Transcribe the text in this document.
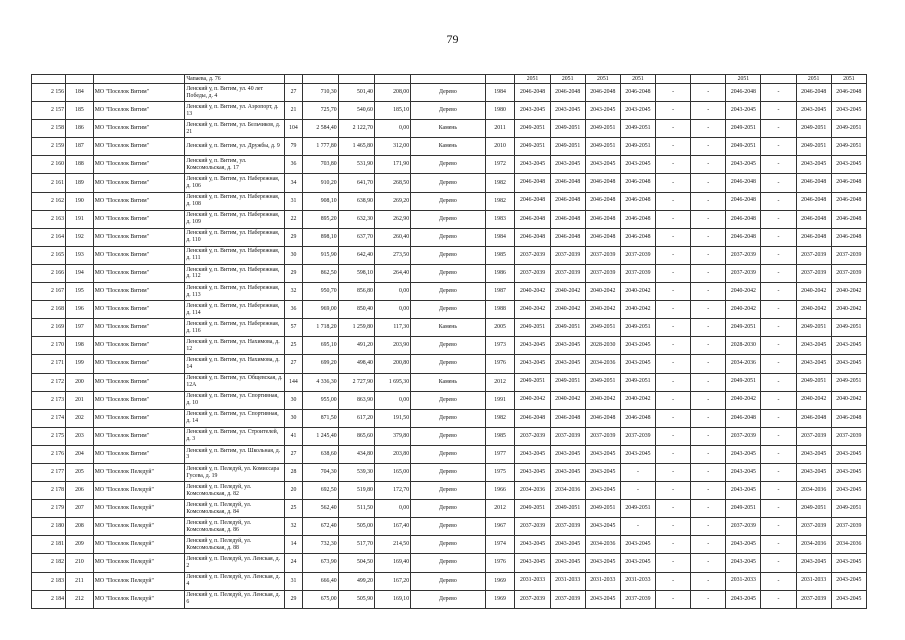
79
			Чапаева, д. 76							2051	2051	2051	2051			2051		2051	2051
2 156	184	МО "Поселок Витим"	Ленский у, п. Витим, ул. 40 лет Победы, д. 4	27	710,30	501,40	208,00	Дерево	1984	2046-2048	2046-2048	2046-2048	2046-2048	-	-	2046-2048	-	2046-2048	2046-2048
2 157	185	МО "Поселок Витим"	Ленский у, п. Витим, ул. Аэропорт, д. 13	21	725,70	540,60	185,10	Дерево	1980	2043-2045	2043-2045	2043-2045	2043-2045	-	-	2043-2045	-	2043-2045	2043-2045
2 158	186	МО "Поселок Витим"	Ленский у, п. Витим, ул. Бельчиков, д. 21	104	2 584,40	2 122,70	0,00	Камень	2011	2049-2051	2049-2051	2049-2051	2049-2051	-	-	2049-2051	-	2049-2051	2049-2051
2 159	187	МО "Поселок Витим"	Ленский у, п. Витим, ул. Дружбы, д. 9	79	1 777,80	1 465,80	312,00	Камень	2010	2049-2051	2049-2051	2049-2051	2049-2051	-	-	2049-2051	-	2049-2051	2049-2051
2 160	188	МО "Поселок Витим"	Ленский у, п. Витим, ул. Комсомольская, д. 17	36	703,80	531,90	171,90	Дерево	1972	2043-2045	2043-2045	2043-2045	2043-2045	-	-	2043-2045	-	2043-2045	2043-2045
2 161	189	МО "Поселок Витим"	Ленский у, п. Витим, ул. Набережная, д. 106	34	910,20	641,70	268,50	Дерево	1982	2046-2048	2046-2048	2046-2048	2046-2048	-	-	2046-2048	-	2046-2048	2046-2048
2 162	190	МО "Поселок Витим"	Ленский у, п. Витим, ул. Набережная, д. 108	31	908,10	638,90	269,20	Дерево	1982	2046-2048	2046-2048	2046-2048	2046-2048	-	-	2046-2048	-	2046-2048	2046-2048
2 163	191	МО "Поселок Витим"	Ленский у, п. Витим, ул. Набережная, д. 109	22	895,20	632,30	262,90	Дерево	1983	2046-2048	2046-2048	2046-2048	2046-2048	-	-	2046-2048	-	2046-2048	2046-2048
2 164	192	МО "Поселок Витим"	Ленский у, п. Витим, ул. Набережная, д. 110	29	898,10	637,70	260,40	Дерево	1984	2046-2048	2046-2048	2046-2048	2046-2048	-	-	2046-2048	-	2046-2048	2046-2048
2 165	193	МО "Поселок Витим"	Ленский у, п. Витим, ул. Набережная, д. 111	30	915,90	642,40	273,50	Дерево	1985	2037-2039	2037-2039	2037-2039	2037-2039	-	-	2037-2039	-	2037-2039	2037-2039
2 166	194	МО "Поселок Витим"	Ленский у, п. Витим, ул. Набережная, д. 112	29	862,50	598,10	264,40	Дерево	1986	2037-2039	2037-2039	2037-2039	2037-2039	-	-	2037-2039	-	2037-2039	2037-2039
2 167	195	МО "Поселок Витим"	Ленский у, п. Витим, ул. Набережная, д. 113	32	950,70	856,80	0,00	Дерево	1987	2040-2042	2040-2042	2040-2042	2040-2042	-	-	2040-2042	-	2040-2042	2040-2042
2 168	196	МО "Поселок Витим"	Ленский у, п. Витим, ул. Набережная, д. 114	36	969,00	850,40	0,00	Дерево	1988	2040-2042	2040-2042	2040-2042	2040-2042	-	-	2040-2042	-	2040-2042	2040-2042
2 169	197	МО "Поселок Витим"	Ленский у, п. Витим, ул. Набережная, д. 116	57	1 718,20	1 259,80	117,30	Камень	2005	2049-2051	2049-2051	2049-2051	2049-2051	-	-	2049-2051	-	2049-2051	2049-2051
2 170	198	МО "Поселок Витим"	Ленский у, п. Витим, ул. Нахимова, д. 12	25	695,10	491,20	203,90	Дерево	1973	2043-2045	2043-2045	2028-2030	2043-2045	-	-	2028-2030	-	2043-2045	2043-2045
2 171	199	МО "Поселок Витим"	Ленский у, п. Витим, ул. Нахимова, д. 14	27	699,20	498,40	200,80	Дерево	1976	2043-2045	2043-2045	2034-2036	2043-2045	-	-	2034-2036	-	2043-2045	2043-2045
2 172	200	МО "Поселок Витим"	Ленский у, п. Витим, ул. Общевская, д. 12А	144	4 336,30	2 727,90	1 695,30	Камень	2012	2049-2051	2049-2051	2049-2051	2049-2051	-	-	2049-2051	-	2049-2051	2049-2051
2 173	201	МО "Поселок Витим"	Ленский у, п. Витим, ул. Спортивная, д. 10	30	955,00	863,90	0,00	Дерево	1991	2040-2042	2040-2042	2040-2042	2040-2042	-	-	2040-2042	-	2040-2042	2040-2042
2 174	202	МО "Поселок Витим"	Ленский у, п. Витим, ул. Спортивная, д. 14	30	871,50	617,20	191,50	Дерево	1982	2046-2048	2046-2048	2046-2048	2046-2048	-	-	2046-2048	-	2046-2048	2046-2048
2 175	203	МО "Поселок Витим"	Ленский у, п. Витим, ул. Строителей, д. 3	41	1 245,40	865,60	379,80	Дерево	1985	2037-2039	2037-2039	2037-2039	2037-2039	-	-	2037-2039	-	2037-2039	2037-2039
2 176	204	МО "Поселок Витим"	Ленский у, п. Витим, ул. Школьная, д. 3	27	638,60	434,80	203,80	Дерево	1977	2043-2045	2043-2045	2043-2045	2043-2045	-	-	2043-2045	-	2043-2045	2043-2045
2 177	205	МО "Поселок Пеледуй"	Ленский у, п. Пеледуй, ул. Комиссара Гусева, д. 19	28	704,30	539,30	165,00	Дерево	1975	2043-2045	2043-2045	2043-2045	-	-	-	2043-2045	-	2043-2045	2043-2045
2 178	206	МО "Поселок Пеледуй"	Ленский у, п. Пеледуй, ул. Комсомольская, д. 82	20	692,50	519,80	172,70	Дерево	1966	2034-2036	2034-2036	2043-2045	-	-	-	2043-2045	-	2034-2036	2043-2045
2 179	207	МО "Поселок Пеледуй"	Ленский у, п. Пеледуй, ул. Комсомольская, д. 84	25	562,40	511,50	0,00	Дерево	2012	2049-2051	2049-2051	2049-2051	2049-2051	-	-	2049-2051	-	2049-2051	2049-2051
2 180	208	МО "Поселок Пеледуй"	Ленский у, п. Пеледуй, ул. Комсомольская, д. 86	32	672,40	505,00	167,40	Дерево	1967	2037-2039	2037-2039	2043-2045	-	-	-	2037-2039	-	2037-2039	2037-2039
2 181	209	МО "Поселок Пеледуй"	Ленский у, п. Пеледуй, ул. Комсомольская, д. 88	14	732,30	517,70	214,50	Дерево	1974	2043-2045	2043-2045	2034-2036	2043-2045	-	-	2043-2045	-	2034-2036	2034-2036
2 182	210	МО "Поселок Пеледуй"	Ленский у, п. Пеледуй, ул. Ленская, д. 2	24	673,90	504,50	169,40	Дерево	1976	2043-2045	2043-2045	2043-2045	2043-2045	-	-	2043-2045	-	2043-2045	2043-2045
2 183	211	МО "Поселок Пеледуй"	Ленский у, п. Пеледуй, ул. Ленская, д. 4	31	666,40	499,20	167,20	Дерево	1969	2031-2033	2031-2033	2031-2033	2031-2033	-	-	2031-2033	-	2031-2033	2043-2045
2 184	212	МО "Поселок Пеледуй"	Ленский у, п. Пеледуй, ул. Ленская, д. 6	29	675,00	505,90	169,10	Дерево	1969	2037-2039	2037-2039	2043-2045	2037-2039	-	-	2043-2045	-	2037-2039	2043-2045
